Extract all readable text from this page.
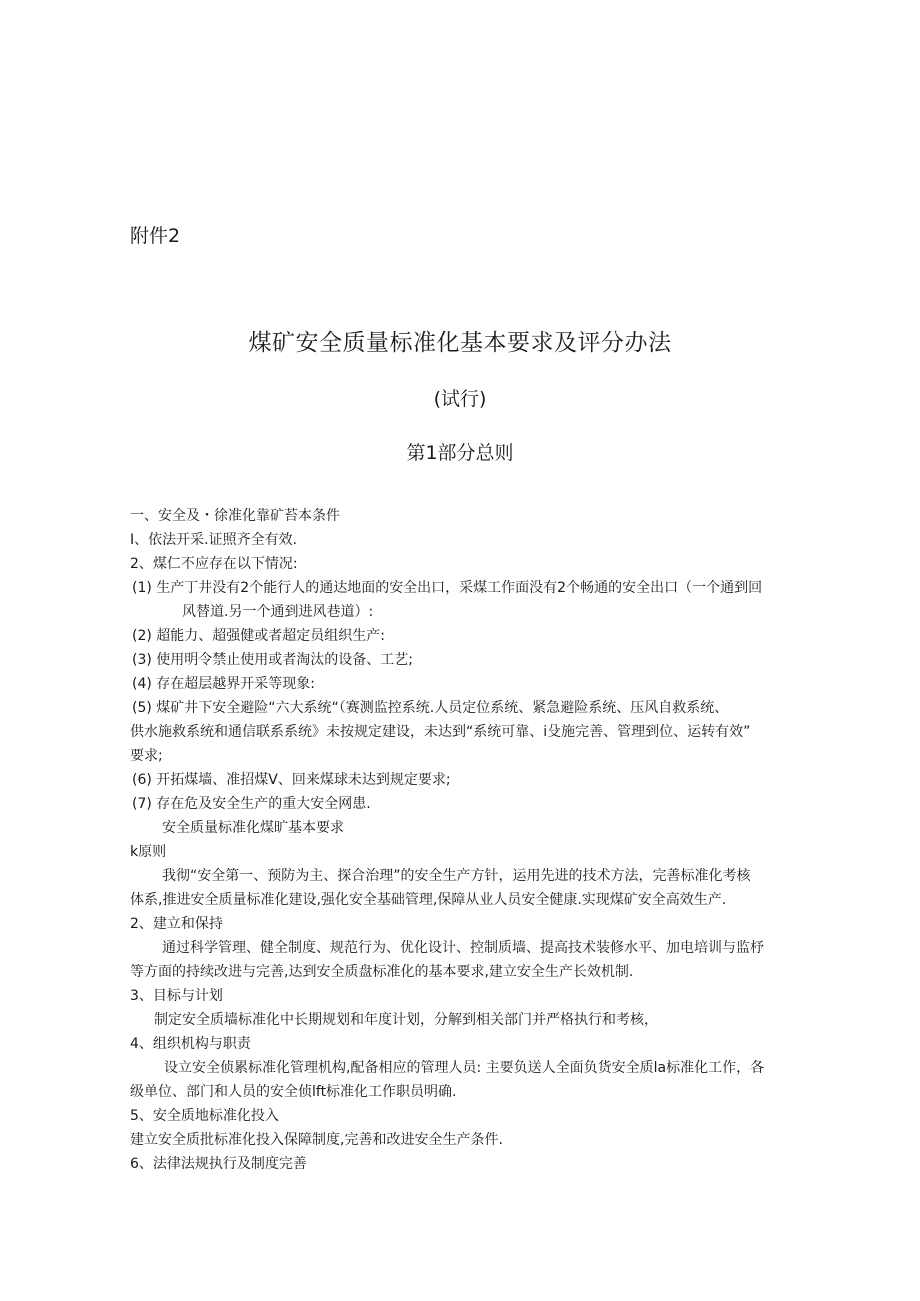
附件2
煤矿安全质量标准化基本要求及评分办法
(试行)
第1部分总则
一、安全及・徐准化靠矿苔本条件
I、依法开采.证照齐全有效.
2、煤仁不应存在以下情况:
(1) 生产丁井没有2个能行人的通达地面的安全出口，采煤工作面没有2个畅通的安全出口（一个通到回
风替道.另一个通到进风巷道）:
(2) 超能力、超强健或者超定员组织生产:
(3) 使用明令禁止使用或者淘汰的设备、工艺;
(4) 存在超层越界开采等现象:
(5) 煤矿井下安全避险“六大系统“（赛测监控系统.人员定位系统、紧急避险系统、压风自救系统、
供水施救系统和通信联系系统》未按规定建设，未达到“系统可靠、i殳施完善、管理到位、运转有效”
要求;
(6) 开拓煤墙、准招煤V、回来煤球未达到规定要求;
(7) 存在危及安全生产的重大安全网患.
安全质量标准化煤旷基本要求
k原则
我彻“安全第一、预防为主、探合治理”的安全生产方针，运用先进的技术方法，完善标准化考核
体系,推进安全质量标准化建设,强化安全基础管理,保障从业人员安全健康.实现煤矿安全高效生产.
2、建立和保持
通过科学管理、健全制度、规范行为、优化设计、控制质墙、提高技术装修水平、加电培训与监杼
等方面的持续改进与完善,达到安全质盘标准化的基本要求,建立安全生产长效机制.
3、目标与计划
制定安全质墙标准化中长期规划和年度计划，分解到相关部门并严格执行和考核，
4、组织机构与职责
设立安全侦累标准化管理机构,配备相应的管理人员: 主要负送人全面负货安全质la标准化工作，各
级单位、部门和人员的安全侦lft标准化工作职员明确.
5、安全质地标准化投入
建立安全质批标准化投入保障制度,完善和改进安全生产条件.
6、法律法规执行及制度完善
